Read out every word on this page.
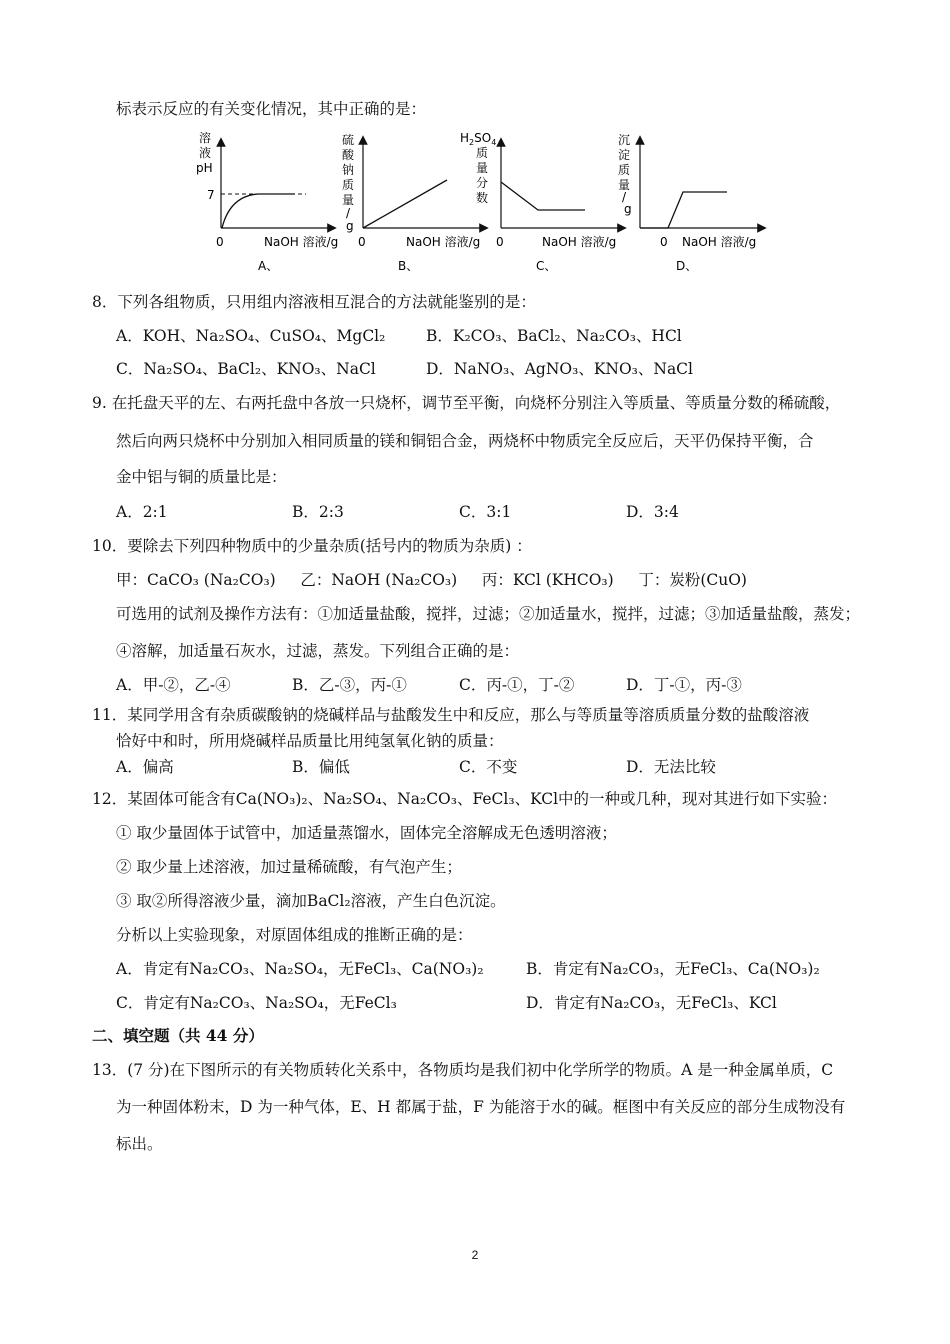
标表示反应的有关变化情况，其中正确的是：
溶
液
pH
7
0	NaOH 溶液/g
A、
硫
酸
钠
质
量
/
g
0	NaOH 溶液/g
B、
$H_2SO_4$
质
量
分
数
0	NaOH 溶液/g
C、
沉
淀
质
量
/
g
0 NaOH 溶液/g
D、
8．下列各组物质，只用组内溶液相互混合的方法就能鉴别的是：
A．KOH、Na₂SO₄、CuSO₄、MgCl₂	B．K₂CO₃、BaCl₂、Na₂CO₃、HCl
C．Na₂SO₄、BaCl₂、KNO₃、NaCl	D．NaNO₃、AgNO₃、KNO₃、NaCl
9. 在托盘天平的左、右两托盘中各放一只烧杯，调节至平衡，向烧杯分别注入等质量、等质量分数的稀硫酸，
然后向两只烧杯中分别加入相同质量的镁和铜铝合金，两烧杯中物质完全反应后，天平仍保持平衡，合
金中铝与铜的质量比是：
A．2:1	B．2:3	C．3:1	D．3:4
10．要除去下列四种物质中的少量杂质(括号内的物质为杂质) ：
甲：CaCO₃ (Na₂CO₃)     乙：NaOH (Na₂CO₃)     丙：KCl (KHCO₃)     丁：炭粉(CuO)
可选用的试剂及操作方法有：①加适量盐酸，搅拌，过滤；②加适量水，搅拌，过滤；③加适量盐酸，蒸发；
④溶解，加适量石灰水，过滤，蒸发。下列组合正确的是：
A．甲-②，乙-④	B．乙-③，丙-①	C．丙-①，丁-②	D．丁-①，丙-③
11．某同学用含有杂质碳酸钠的烧碱样品与盐酸发生中和反应，那么与等质量等溶质质量分数的盐酸溶液
恰好中和时，所用烧碱样品质量比用纯氢氧化钠的质量：
A．偏高	B．偏低	C．不变	D．无法比较
12．某固体可能含有Ca(NO₃)₂、Na₂SO₄、Na₂CO₃、FeCl₃、KCl中的一种或几种，现对其进行如下实验：
① 取少量固体于试管中，加适量蒸馏水，固体完全溶解成无色透明溶液；
② 取少量上述溶液，加过量稀硫酸，有气泡产生；
③ 取②所得溶液少量，滴加BaCl₂溶液，产生白色沉淀。
分析以上实验现象，对原固体组成的推断正确的是：
A．肯定有Na₂CO₃、Na₂SO₄，无FeCl₃、Ca(NO₃)₂	B．肯定有Na₂CO₃，无FeCl₃、Ca(NO₃)₂
C．肯定有Na₂CO₃、Na₂SO₄，无FeCl₃	D．肯定有Na₂CO₃，无FeCl₃、KCl
二、填空题（共 44 分）
13．(7 分)在下图所示的有关物质转化关系中，各物质均是我们初中化学所学的物质。A 是一种金属单质，C
为一种固体粉末，D 为一种气体，E、H 都属于盐，F 为能溶于水的碱。框图中有关反应的部分生成物没有
标出。
2
